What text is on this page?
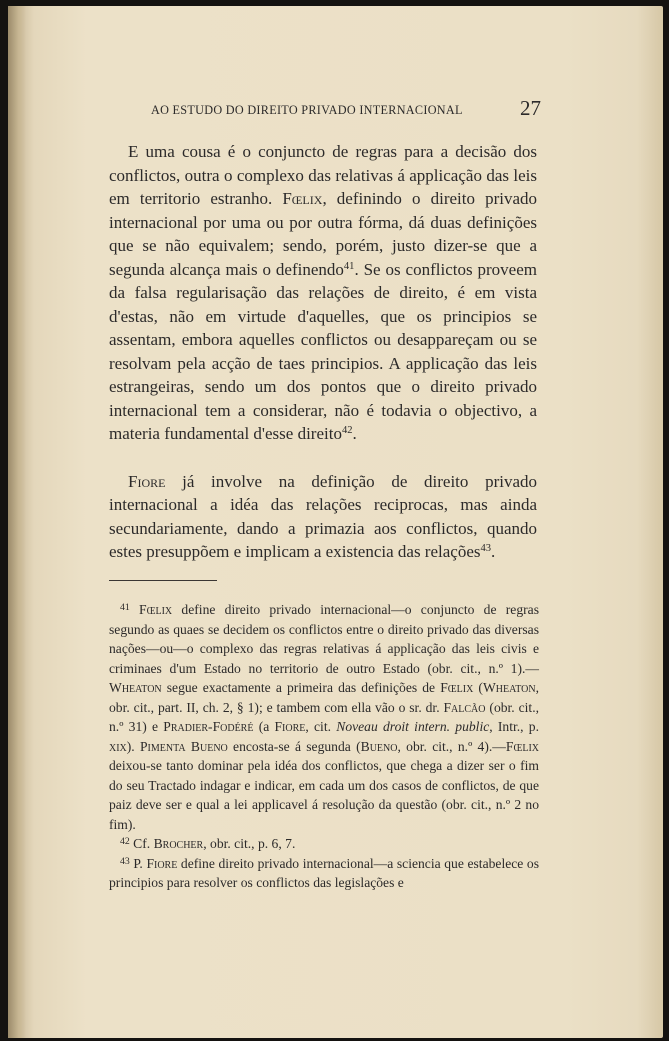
AO ESTUDO DO DIREITO PRIVADO INTERNACIONAL	27

E uma cousa é o conjuncto de regras para a decisão dos conflictos, outra o complexo das relativas á applicação das leis em territorio estranho. Fœlix, definindo o direito privado internacional por uma ou por outra fórma, dá duas definições que se não equivalem; sendo, porém, justo dizer-se que a segunda alcança mais o definendo$^{41}$. Se os conflictos proveem da falsa regularisação das relações de direito, é em vista d'estas, não em virtude d'aquelles, que os principios se assentam, embora aquelles conflictos ou desappareçam ou se resolvam pela acção de taes principios. A applicação das leis estrangeiras, sendo um dos pontos que o direito privado internacional tem a considerar, não é todavia o objectivo, a materia fundamental d'esse direito$^{42}$.

Fiore já involve na definição de direito privado internacional a idéa das relações reciprocas, mas ainda secundariamente, dando a primazia aos conflictos, quando estes presuppõem e implicam a existencia das relações$^{43}$.

$^{41}$ Fœlix define direito privado internacional—o conjuncto de regras segundo as quaes se decidem os conflictos entre o direito privado das diversas nações—ou—o complexo das regras relativas á applicação das leis civis e criminaes d'um Estado no territorio de outro Estado (obr. cit., n.º 1).—Wheaton segue exactamente a primeira das definições de Fœlix (Wheaton, obr. cit., part. II, ch. 2, § 1); e tambem com ella vão o sr. dr. Falcão (obr. cit., n.º 31) e Pradier-Fodéré (a Fiore, cit. Noveau droit intern. public, Intr., p. xix). Pimenta Bueno encosta-se á segunda (Bueno, obr. cit., n.º 4).—Fœlix deixou-se tanto dominar pela idéa dos conflictos, que chega a dizer ser o fim do seu Tractado indagar e indicar, em cada um dos casos de conflictos, de que paiz deve ser e qual a lei applicavel á resolução da questão (obr. cit., n.º 2 no fim).

$^{42}$ Cf. Brocher, obr. cit., p. 6, 7.

$^{43}$ P. Fiore define direito privado internacional—a sciencia que estabelece os principios para resolver os conflictos das legislações e
